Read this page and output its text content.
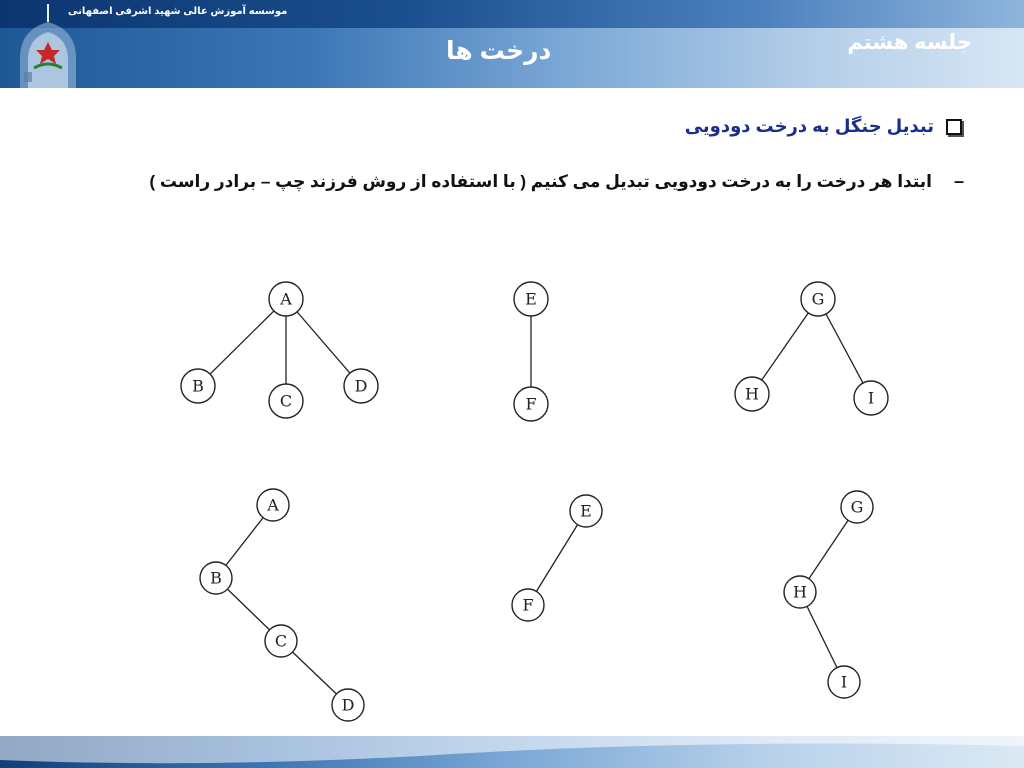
موسسه آموزش عالی شهید اشرفی اصفهانی
درخت ها	جلسه هشتم
تبدیل جنگل به درخت دودویی
–
ابتدا هر درخت را به درخت دودویی تبدیل می کنیم ( با استفاده از روش فرزند چپ – برادر راست )
A
B
C
D
E
F
G
H	I
A
B
C
D
E
F
G
H
I
